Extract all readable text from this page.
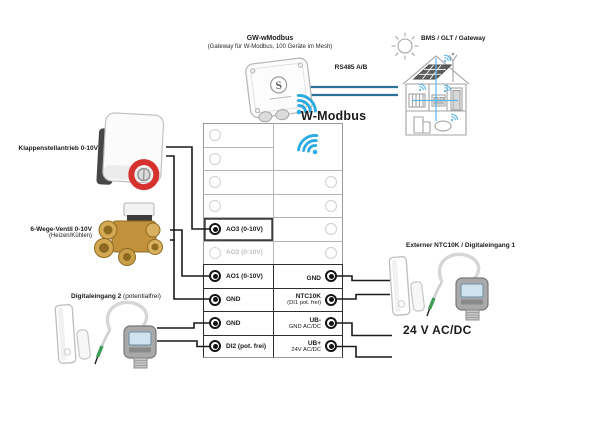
S
AO3 (0-10V)
AO2 (0-10V)
AO1 (0-10V)
GND
GND
DI2 (pot. frei)
GND
NTC10K
(DI1 pot. frei)
UB-
GND AC/DC
UB+
24V AC/DC
GW-wModbus
(Gateway für W-Modbus, 100 Geräte im Mesh)
RS485 A/B
BMS / GLT / Gateway
W-Modbus
Klappenstellantrieb 0-10V
6-Wege-Ventil 0-10V
(Heizen/Kühlen)
Digitaleingang 2 (potentialfrei)
Externer NTC10K / Digitaleingang 1
24 V AC/DC
